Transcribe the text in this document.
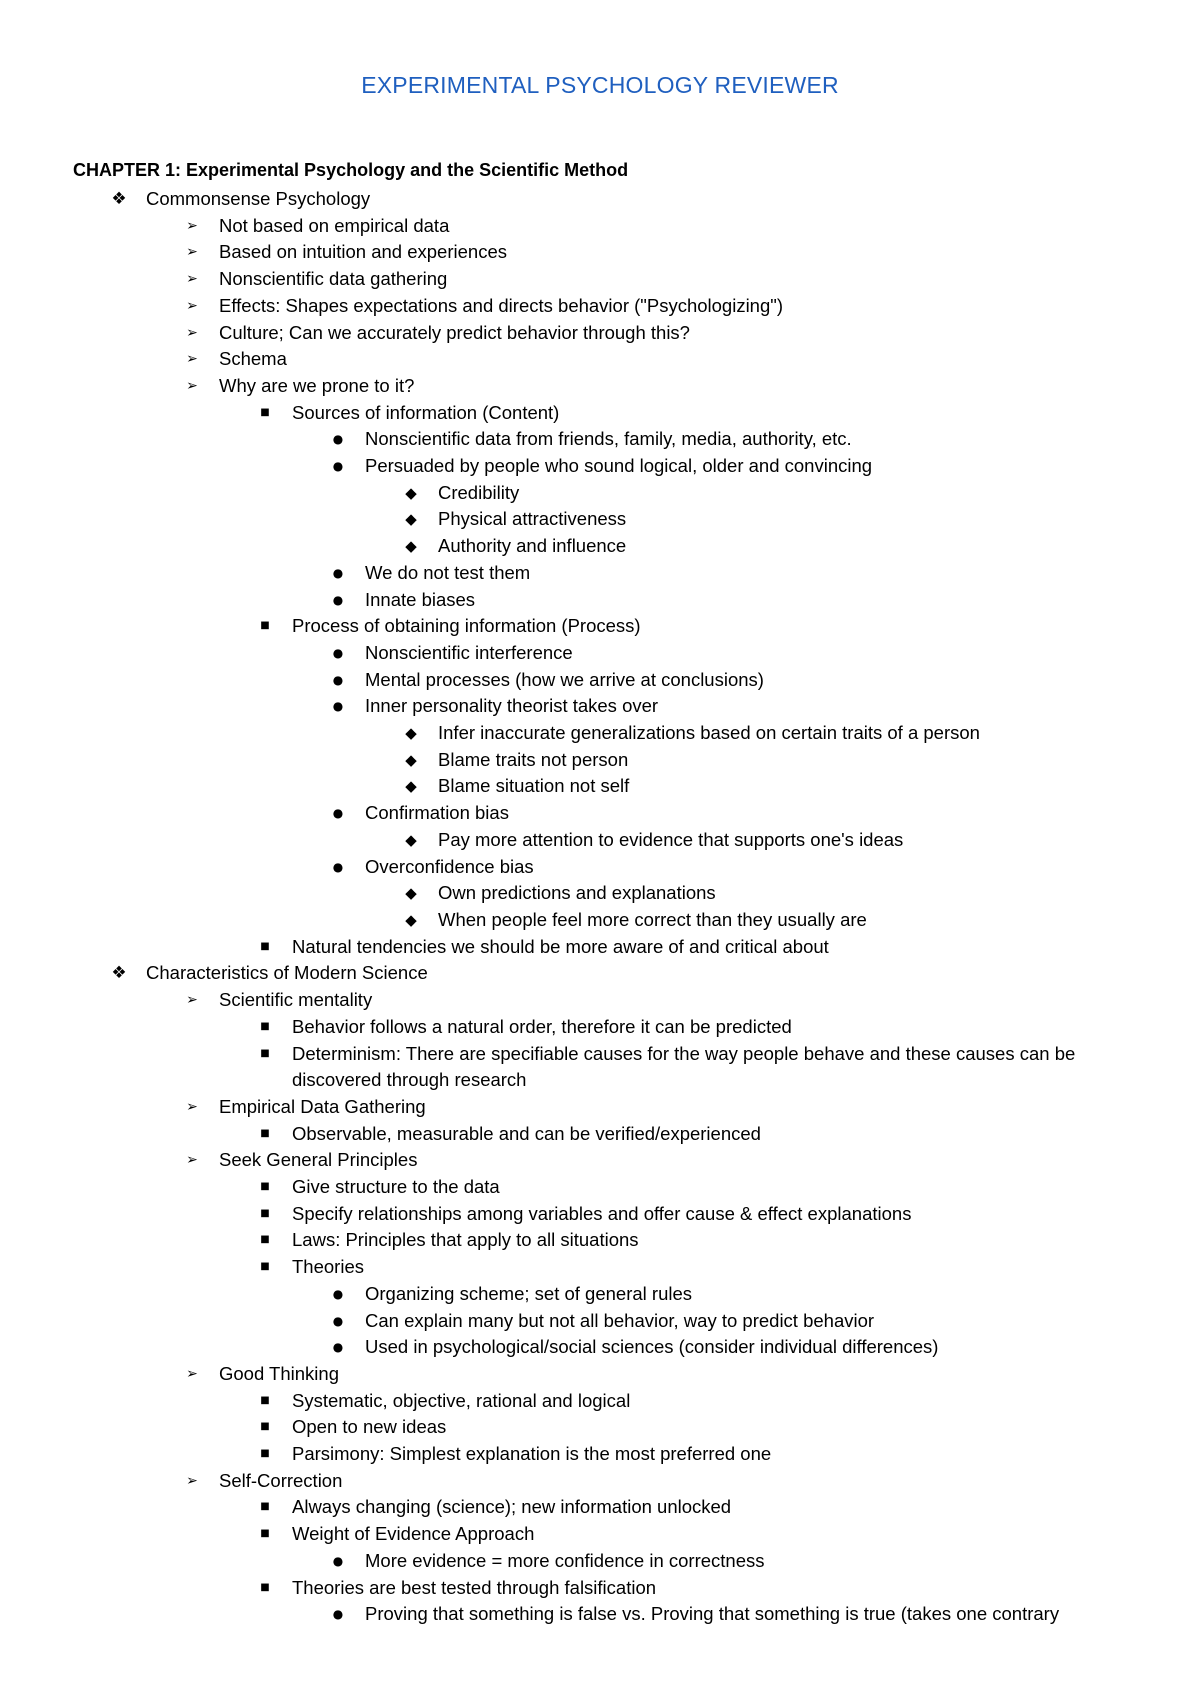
EXPERIMENTAL PSYCHOLOGY REVIEWER
CHAPTER 1: Experimental Psychology and the Scientific Method
❖ Commonsense Psychology
➢ Not based on empirical data
➢ Based on intuition and experiences
➢ Nonscientific data gathering
➢ Effects: Shapes expectations and directs behavior ("Psychologizing")
➢ Culture; Can we accurately predict behavior through this?
➢ Schema
➢ Why are we prone to it?
■ Sources of information (Content)
● Nonscientific data from friends, family, media, authority, etc.
● Persuaded by people who sound logical, older and convincing
◆ Credibility
◆ Physical attractiveness
◆ Authority and influence
● We do not test them
● Innate biases
■ Process of obtaining information (Process)
● Nonscientific interference
● Mental processes (how we arrive at conclusions)
● Inner personality theorist takes over
◆ Infer inaccurate generalizations based on certain traits of a person
◆ Blame traits not person
◆ Blame situation not self
● Confirmation bias
◆ Pay more attention to evidence that supports one's ideas
● Overconfidence bias
◆ Own predictions and explanations
◆ When people feel more correct than they usually are
■ Natural tendencies we should be more aware of and critical about
❖ Characteristics of Modern Science
➢ Scientific mentality
■ Behavior follows a natural order, therefore it can be predicted
■ Determinism: There are specifiable causes for the way people behave and these causes can be discovered through research
➢ Empirical Data Gathering
■ Observable, measurable and can be verified/experienced
➢ Seek General Principles
■ Give structure to the data
■ Specify relationships among variables and offer cause & effect explanations
■ Laws: Principles that apply to all situations
■ Theories
● Organizing scheme; set of general rules
● Can explain many but not all behavior, way to predict behavior
● Used in psychological/social sciences (consider individual differences)
➢ Good Thinking
■ Systematic, objective, rational and logical
■ Open to new ideas
■ Parsimony: Simplest explanation is the most preferred one
➢ Self-Correction
■ Always changing (science); new information unlocked
■ Weight of Evidence Approach
● More evidence = more confidence in correctness
■ Theories are best tested through falsification
● Proving that something is false vs. Proving that something is true (takes one contrary
